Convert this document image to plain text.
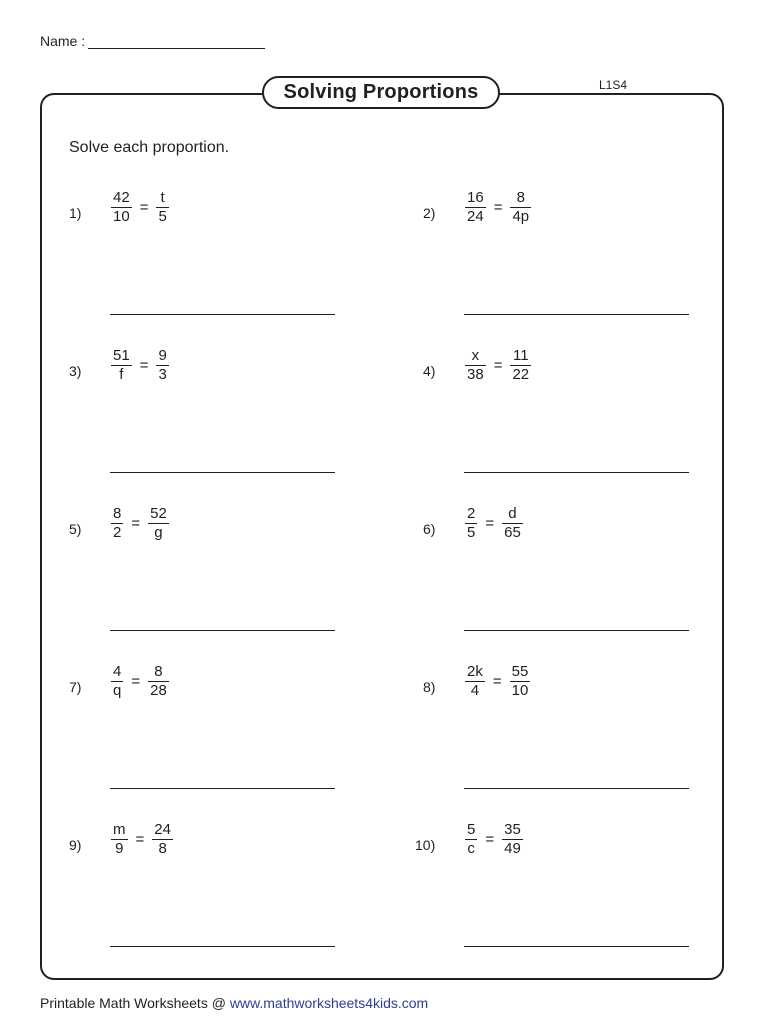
Name :
Solving Proportions	L1S4
Solve each proportion.
1)	$\frac{42}{10} = \frac{t}{5}$	2)	$\frac{16}{24} = \frac{8}{4p}$
3)	$\frac{51}{f} = \frac{9}{3}$	4)	$\frac{x}{38} = \frac{11}{22}$
5)	$\frac{8}{2} = \frac{52}{g}$	6)	$\frac{2}{5} = \frac{d}{65}$
7)	$\frac{4}{q} = \frac{8}{28}$	8)	$\frac{2k}{4} = \frac{55}{10}$
9)	$\frac{m}{9} = \frac{24}{8}$	10)	$\frac{5}{c} = \frac{35}{49}$
Printable Math Worksheets @ www.mathworksheets4kids.com
